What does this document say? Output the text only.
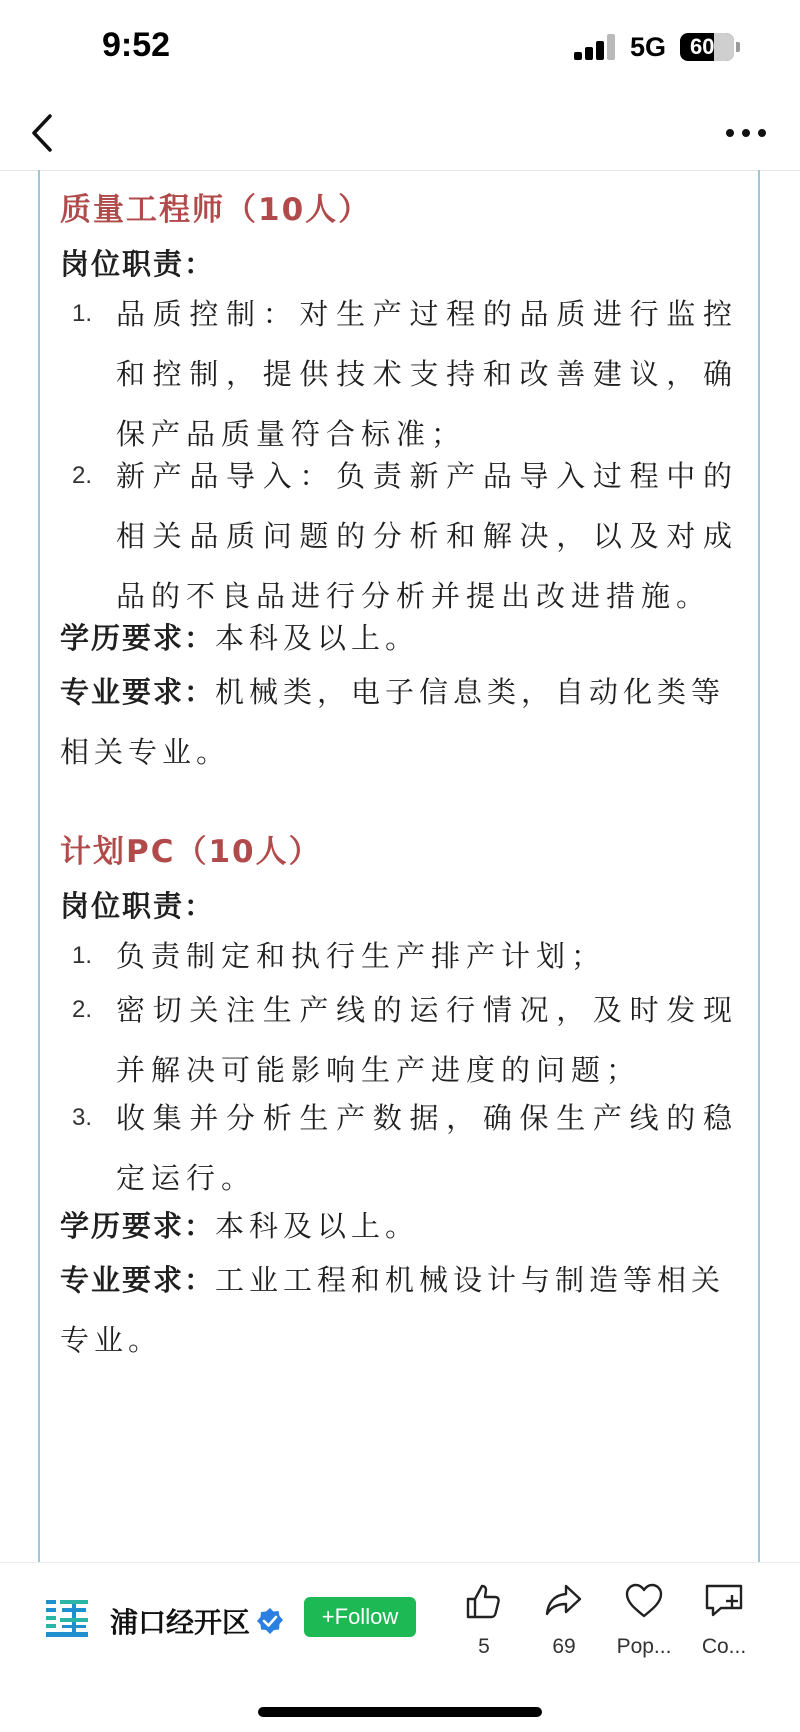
9:52	5G	60
质量工程师（10人）
岗位职责：
1. 品质控制：对生产过程的品质进行监控和控制，提供技术支持和改善建议，确保产品质量符合标准；
2. 新产品导入：负责新产品导入过程中的相关品质问题的分析和解决，以及对成品的不良品进行分析并提出改进措施。
学历要求：本科及以上。
专业要求：机械类，电子信息类，自动化类等相关专业。
计划PC（10人）
岗位职责：
1. 负责制定和执行生产排产计划；
2. 密切关注生产线的运行情况，及时发现并解决可能影响生产进度的问题；
3. 收集并分析生产数据，确保生产线的稳定运行。
学历要求：本科及以上。
专业要求：工业工程和机械设计与制造等相关专业。
浦口经开区	+Follow
5	69	Pop...	Co...
